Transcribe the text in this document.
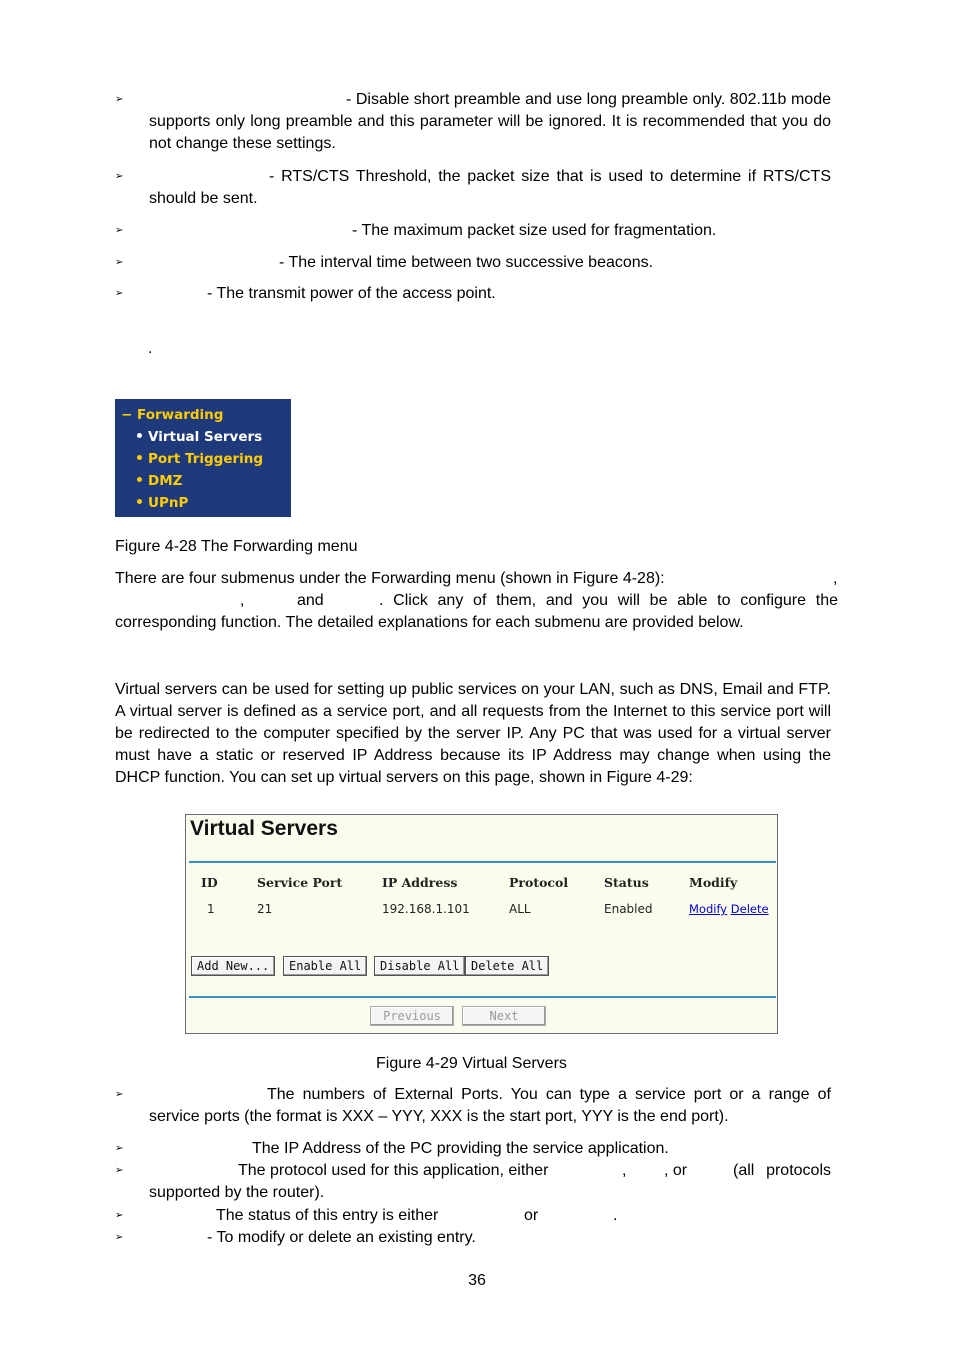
➢	- Disable short preamble and use long preamble only. 802.11b mode supports only long preamble and this parameter will be ignored. It is recommended that you do not change these settings.
➢	- RTS/CTS Threshold, the packet size that is used to determine if RTS/CTS should be sent.
➢	- The maximum packet size used for fragmentation.
➢	- The interval time between two successive beacons.
➢	- The transmit power of the access point.
.
− Forwarding
Virtual Servers
Port Triggering
DMZ
UPnP
Figure 4-28 The Forwarding menu
There are four submenus under the Forwarding menu (shown in Figure 4-28):	,
,	and	. Click any of them, and you will be able to configure the
corresponding function. The detailed explanations for each submenu are provided below.
Virtual servers can be used for setting up public services on your LAN, such as DNS, Email and FTP. A virtual server is defined as a service port, and all requests from the Internet to this service port will be redirected to the computer specified by the server IP. Any PC that was used for a virtual server must have a static or reserved IP Address because its IP Address may change when using the DHCP function. You can set up virtual servers on this page, shown in Figure 4-29:
Virtual Servers
ID	Service Port	IP Address	Protocol	Status	Modify
1	21	192.168.1.101	ALL	Enabled	Modify Delete
Add New...	Enable All	Disable All Delete All
Previous	Next
Figure 4-29 Virtual Servers
➢	The numbers of External Ports. You can type a service port or a range of service ports (the format is XXX – YYY, XXX is the start port, YYY is the end port).
➢	The IP Address of the PC providing the service application.
➢	The protocol used for this application, either	, , or	(all protocols supported by the router).
➢	The status of this entry is either	or	.
➢	- To modify or delete an existing entry.
36
